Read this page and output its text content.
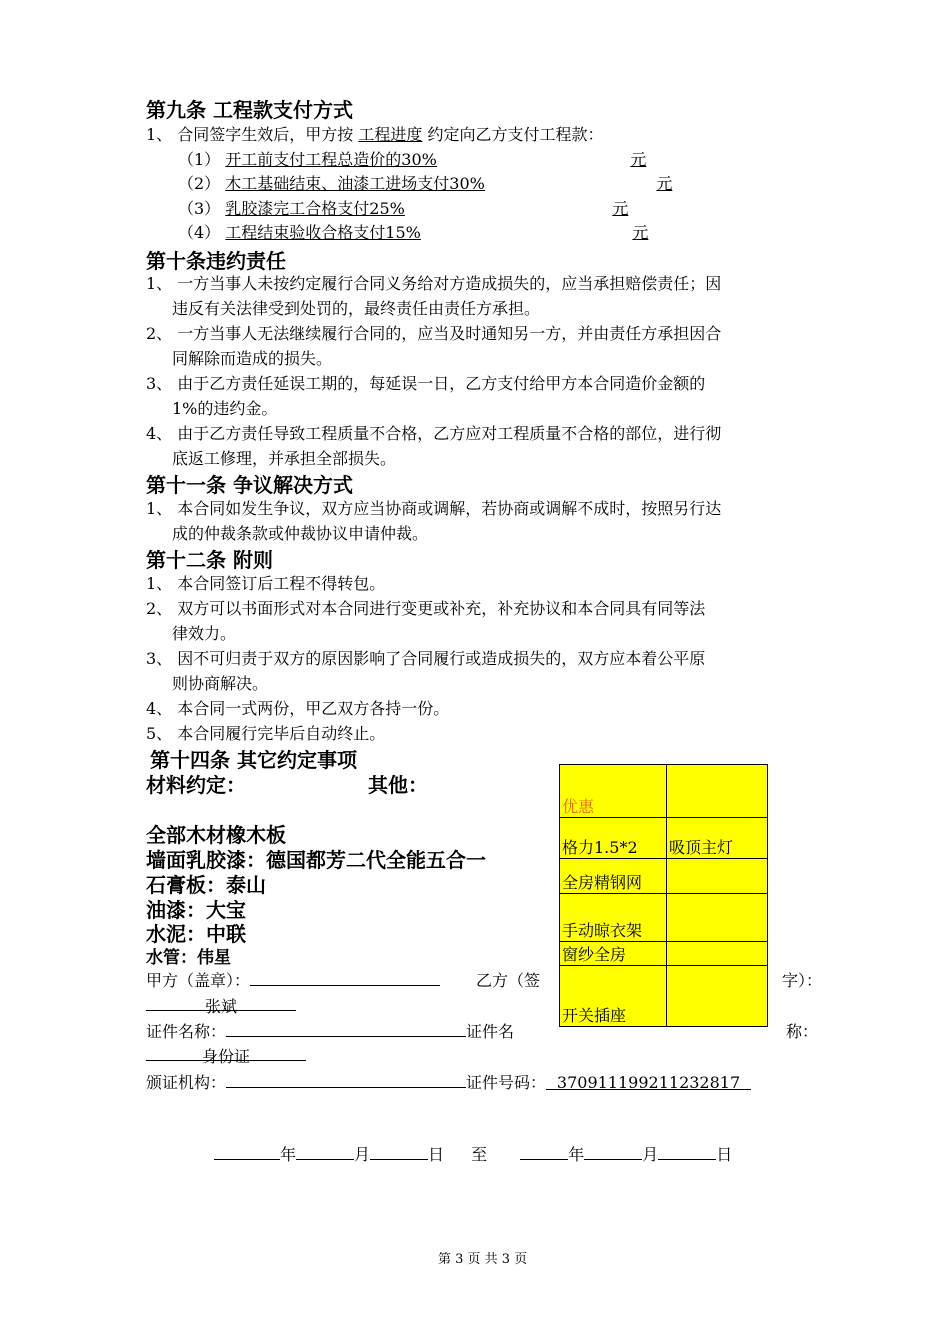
第九条 工程款支付方式
1、 合同签字生效后，甲方按 工程进度 约定向乙方支付工程款：
（1） 开工前支付工程总造价的30%	元
（2） 木工基础结束、油漆工进场支付30%	元
（3） 乳胶漆完工合格支付25%	元
（4） 工程结束验收合格支付15%	元
第十条违约责任
1、 一方当事人未按约定履行合同义务给对方造成损失的，应当承担赔偿责任；因
违反有关法律受到处罚的，最终责任由责任方承担。
2、 一方当事人无法继续履行合同的，应当及时通知另一方，并由责任方承担因合
同解除而造成的损失。
3、 由于乙方责任延误工期的，每延误一日，乙方支付给甲方本合同造价金额的
1%的违约金。
4、 由于乙方责任导致工程质量不合格，乙方应对工程质量不合格的部位，进行彻
底返工修理，并承担全部损失。
第十一条 争议解决方式
1、 本合同如发生争议，双方应当协商或调解，若协商或调解不成时，按照另行达
成的仲裁条款或仲裁协议申请仲裁。
第十二条 附则
1、 本合同签订后工程不得转包。
2、 双方可以书面形式对本合同进行变更或补充，补充协议和本合同具有同等法
律效力。
3、 因不可归责于双方的原因影响了合同履行或造成损失的，双方应本着公平原
则协商解决。
4、 本合同一式两份，甲乙双方各持一份。
5、 本合同履行完毕后自动终止。
第十四条 其它约定事项
材料约定：	其他：
全部木材橡木板
墙面乳胶漆：德国都芳二代全能五合一
石膏板：泰山
油漆：大宝
水泥：中联
水管：伟星
优惠	
格力1.5*2	吸顶主灯
全房精钢网	
手动晾衣架	
窗纱全房	
开关插座	
甲方（盖章）：	乙方（签	字）：
张斌
证件名称：	证件名	称：
身份证
颁证机构：	证件号码： 370911199211232817
年	月	日 至	年	月	日
第 3 页 共 3 页
